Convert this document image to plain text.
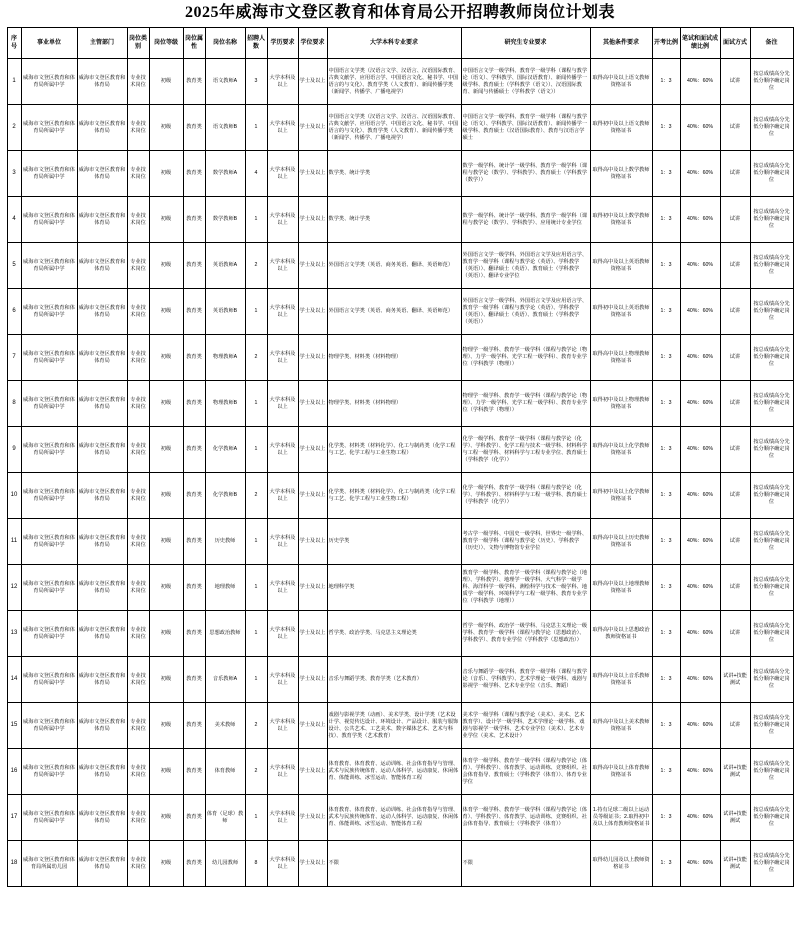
2025年威海市文登区教育和体育局公开招聘教师岗位计划表
序号	事业单位	主管部门	岗位类别	岗位等级	岗位属性	岗位名称	招聘人数	学历要求	学位要求	大学本科专业要求	研究生专业要求	其他条件要求	开考比例	笔试和面试成绩比例	面试方式	备注
1	威海市文登区教育和体育局所属中学	威海市文登区教育和体育局	专业技术岗位	初级	教育类	语文教师A	3	大学本科及以上	学士及以上	中国语言文学类（汉语言文学、汉语言、汉语国际教育、古典文献学、应用语言学、中国语言文化、秘书学、中国语言的与文化）、教育学类（人文教育）、新闻传播学类（新闻学、传播学、广播电视学）	中国语言文学一级学科、教育学一级学科（课程与教学论（语文）、学科教学、国际汉语教育）、新闻传播学一级学科、教育硕士（学科教学（语文））、汉语国际教育、新闻与传播硕士（学科教学（语文））	取得高中及以上语文教师资格证书	1：3	40%：60%	试讲	按总成绩高分先低分顺序确定岗位
2	威海市文登区教育和体育局所属中学	威海市文登区教育和体育局	专业技术岗位	初级	教育类	语文教师B	1	大学本科及以上	学士及以上	中国语言文学类（汉语言文学、汉语言、汉语国际教育、古典文献学、应用语言学、中国语言文化、秘书学、中国语言的与文化）、教育学类（人文教育）、新闻传播学类（新闻学、传播学、广播电视学）	中国语言文学一级学科、教育学一级学科（课程与教学论（语文）、学科教学、国际汉语教育）、新闻传播学一级学科、教育硕士（汉语国际教育）、教育与汉语言学硕士	取得初中及以上语文教师资格证书	1：3	40%：60%	试讲	按总成绩高分先低分顺序确定岗位
3	威海市文登区教育和体育局所属中学	威海市文登区教育和体育局	专业技术岗位	初级	教育类	数学教师A	4	大学本科及以上	学士及以上	数学类、统计学类	数学一级学科、统计学一级学科、教育学一级学科（课程与教学论（数学）、学科教学）、教育硕士（学科教学（数学））	取得高中及以上数学教师资格证书	1：3	40%：60%	试讲	按总成绩高分先低分顺序确定岗位
4	威海市文登区教育和体育局所属中学	威海市文登区教育和体育局	专业技术岗位	初级	教育类	数学教师B	1	大学本科及以上	学士及以上	数学类、统计学类	数学一级学科、统计学一级学科、教育学一级学科（课程与教学论（数学）、学科教学）、应用统计专业学位	取得初中及以上数学教师资格证书	1：3	40%：60%	试讲	按总成绩高分先低分顺序确定岗位
5	威海市文登区教育和体育局所属中学	威海市文登区教育和体育局	专业技术岗位	初级	教育类	英语教师A	2	大学本科及以上	学士及以上	外国语言文学类（英语、商务英语、翻译、英语师范）	外国语言文学一级学科、外国语言文学及应用语言学、教育学一级学科（课程与教学论（英语）、学科教学（英语））、翻译硕士（英语）、教育硕士（学科教学（英语））、翻译专业学位	取得高中及以上英语教师资格证书	1：3	40%：60%	试讲	按总成绩高分先低分顺序确定岗位
6	威海市文登区教育和体育局所属中学	威海市文登区教育和体育局	专业技术岗位	初级	教育类	英语教师B	1	大学本科及以上	学士及以上	外国语言文学类（英语、商务英语、翻译、英语师范）	外国语言文学一级学科、外国语言文学及应用语言学、教育学一级学科（课程与教学论（英语）、学科教学（英语））、翻译硕士（英语）、教育硕士（学科教学（英语））	取得初中及以上英语教师资格证书	1：3	40%：60%	试讲	按总成绩高分先低分顺序确定岗位
7	威海市文登区教育和体育局所属中学	威海市文登区教育和体育局	专业技术岗位	初级	教育类	物理教师A	2	大学本科及以上	学士及以上	物理学类、材料类（材料物理）	物理学一级学科、教育学一级学科（课程与教学论（物理）、力学一级学科、光学工程一级学科）、教育专业学位（学科教学（物理））	取得高中及以上物理教师资格证书	1：3	40%：60%	试讲	按总成绩高分先低分顺序确定岗位
8	威海市文登区教育和体育局所属中学	威海市文登区教育和体育局	专业技术岗位	初级	教育类	物理教师B	1	大学本科及以上	学士及以上	物理学类、材料类（材料物理）	物理学一级学科、教育学一级学科（课程与教学论（物理）、力学一级学科、光学工程一级学科）、教育专业学位（学科教学（物理））	取得初中及以上物理教师资格证书	1：3	40%：60%	试讲	按总成绩高分先低分顺序确定岗位
9	威海市文登区教育和体育局所属中学	威海市文登区教育和体育局	专业技术岗位	初级	教育类	化学教师A	1	大学本科及以上	学士及以上	化学类、材料类（材料化学）、化工与制药类（化学工程与工艺、化学工程与工业生物工程）	化学一级学科、教育学一级学科（课程与教学论（化学）、学科教学）、化学工程与技术一级学科、材料科学与工程一级学科、材料科学与工程专业学位、教育硕士（学科教学（化学））	取得高中及以上化学教师资格证书	1：3	40%：60%	试讲	按总成绩高分先低分顺序确定岗位
10	威海市文登区教育和体育局所属中学	威海市文登区教育和体育局	专业技术岗位	初级	教育类	化学教师B	2	大学本科及以上	学士及以上	化学类、材料类（材料化学）、化工与制药类（化学工程与工艺、化学工程与工业生物工程）	化学一级学科、教育学一级学科（课程与教学论（化学）、学科教学）、材料科学与工程一级学科、教育硕士（学科教学（化学））	取得初中及以上化学教师资格证书	1：3	40%：60%	试讲	按总成绩高分先低分顺序确定岗位
11	威海市文登区教育和体育局所属中学	威海市文登区教育和体育局	专业技术岗位	初级	教育类	历史教师	1	大学本科及以上	学士及以上	历史学类	考古学一级学科、中国史一级学科、世界史一级学科、教育学一级学科（课程与教学论（历史）、学科教学（历史））、文物与博物馆专业学位	取得高中及以上历史教师资格证书	1：3	40%：60%	试讲	按总成绩高分先低分顺序确定岗位
12	威海市文登区教育和体育局所属中学	威海市文登区教育和体育局	专业技术岗位	初级	教育类	地理教师	1	大学本科及以上	学士及以上	地理科学类	教育学一级学科、教育学一级学科（课程与教学论（地理）、学科教学）、地理学一级学科、大气科学一级学科、海洋科学一级学科、测绘科学与技术一级学科、地质学一级学科、环境科学与工程一级学科、教育专业学位（学科教学（地理））	取得高中及以上地理教师资格证书	1：3	40%：60%	试讲	按总成绩高分先低分顺序确定岗位
13	威海市文登区教育和体育局所属中学	威海市文登区教育和体育局	专业技术岗位	初级	教育类	思想政治教师	1	大学本科及以上	学士及以上	哲学类、政治学类、马克思主义理论类	哲学一级学科、政治学一级学科、马克思主义理论一级学科、教育学一级学科（课程与教学论（思想政治）、学科教学）、教育专业学位（学科教学（思想政治））	取得高中及以上思想政治教师资格证书	1：3	40%：60%	试讲	按总成绩高分先低分顺序确定岗位
14	威海市文登区教育和体育局所属中学	威海市文登区教育和体育局	专业技术岗位	初级	教育类	音乐教师A	1	大学本科及以上	学士及以上	音乐与舞蹈学类、教育学类（艺术教育）	音乐与舞蹈学一级学科、教育学一级学科（课程与教学论（音乐）、学科教学）、艺术学理论一级学科、戏剧与影视学一级学科、艺术专业学位（音乐、舞蹈）	取得高中及以上音乐教师资格证书	1：3	40%：60%	试讲+技能测试	按总成绩高分先低分顺序确定岗位
15	威海市文登区教育和体育局所属中学	威海市文登区教育和体育局	专业技术岗位	初级	教育类	美术教师	2	大学本科及以上	学士及以上	戏剧与影视学类（动画）、美术学类、设计学类（艺术设计学、视觉传达设计、环境设计、产品设计、服装与服饰设计、公共艺术、工艺美术、数字媒体艺术、艺术与科技）、教育学类（艺术教育）	美术学一级学科（课程与教学论（美术）、美术、艺术教育学）、设计学一级学科、艺术学理论一级学科、戏剧与影视学一级学科、艺术专业学位（美术）、艺术专业学位（美术、艺术设计）	取得高中及以上美术教师资格证书	1：3	40%：60%	试讲	按总成绩高分先低分顺序确定岗位
16	威海市文登区教育和体育局所属中学	威海市文登区教育和体育局	专业技术岗位	初级	教育类	体育教师	2	大学本科及以上	学士及以上	体育教育、体育教育、运动训练、社会体育指导与管理、武术与民族传统体育、运动人体科学、运动康复、休闲体育、体能训练、冰雪运动、智能体育工程	体育学一级学科、教育学一级学科（课程与教学论（体育）、学科教学）、体育教学、运动训练、竞赛组织、社会体育指导、教育硕士（学科教学（体育））、体育专业学位	取得高中及以上体育教师资格证书	1：3	40%：60%	试讲+技能测试	按总成绩高分先低分顺序确定岗位
17	威海市文登区教育和体育局所属中学	威海市文登区教育和体育局	专业技术岗位	初级	教育类	体育（足球）教师	1	大学本科及以上	学士及以上	体育教育、体育教育、运动训练、社会体育指导与管理、武术与民族传统体育、运动人体科学、运动康复、休闲体育、体能训练、冰雪运动、智能体育工程	体育学一级学科、教育学一级学科（课程与教学论（体育）、学科教学）、体育教学、运动训练、竞赛组织、社会体育指导、教育硕士（学科教学（体育））	1.持有足球二级以上运动员等级证书；2.取得初中及以上体育教师资格证书	1：3	40%：60%	试讲+技能测试	按总成绩高分先低分顺序确定岗位
18	威海市文登区教育和体育局所属幼儿园	威海市文登区教育和体育局	专业技术岗位	初级	教育类	幼儿园教师	8	大学本科及以上	学士及以上	不限	不限	取得幼儿园及以上教师资格证书	1：3	40%：60%	试讲+技能测试	按总成绩高分先低分顺序确定岗位
